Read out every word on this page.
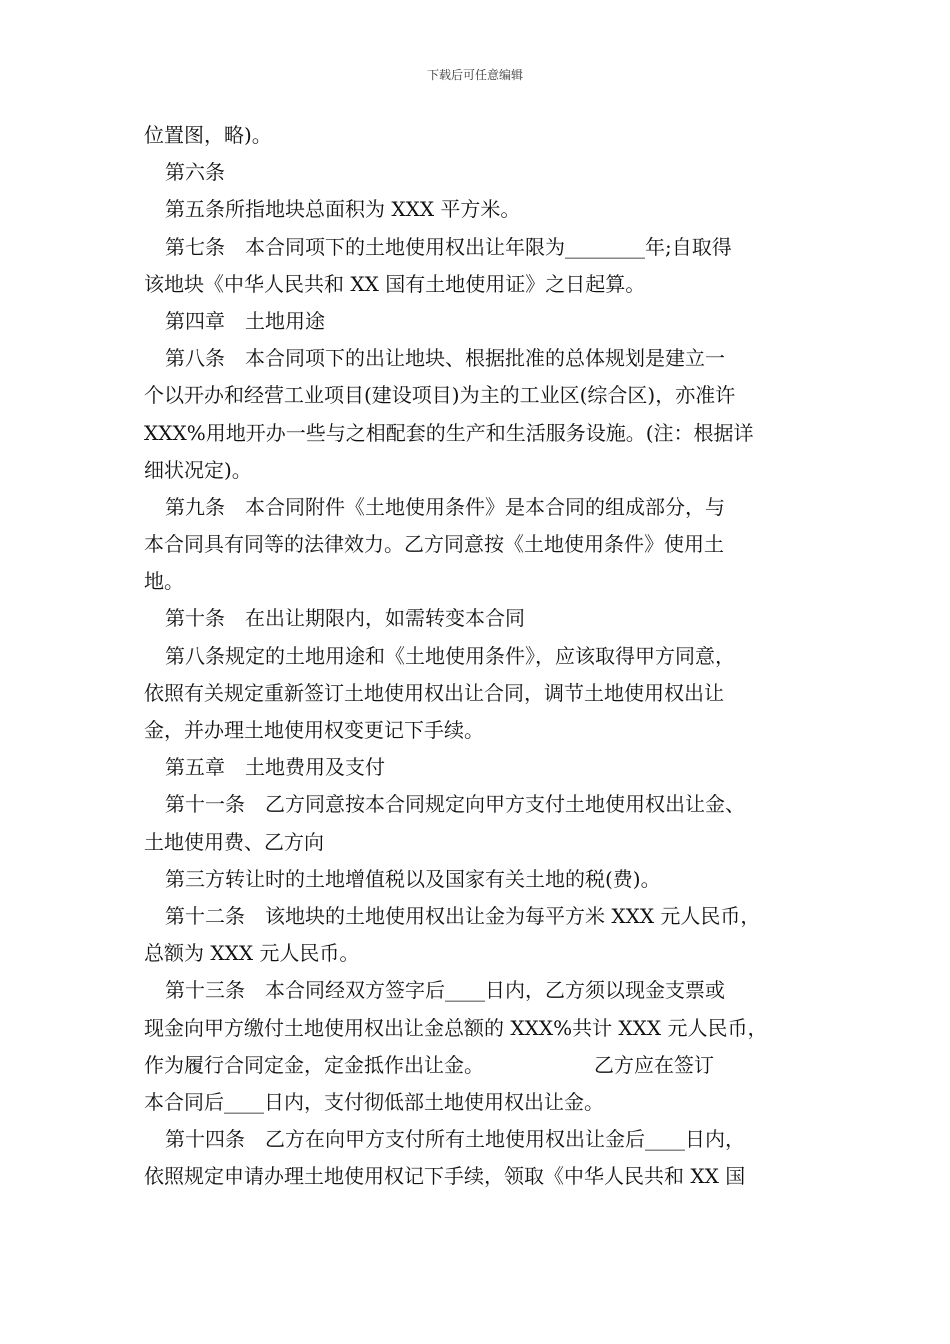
下载后可任意编辑
位置图，略)。
第六条
第五条所指地块总面积为 XXX 平方米。
第七条　本合同项下的土地使用权出让年限为________年;自取得
该地块《中华人民共和 XX 国有土地使用证》之日起算。
第四章　土地用途
第八条　本合同项下的出让地块、根据批准的总体规划是建立一
个以开办和经营工业项目(建设项目)为主的工业区(综合区)，亦准许
XXX%用地开办一些与之相配套的生产和生活服务设施。(注：根据详
细状况定)。
第九条　本合同附件《土地使用条件》是本合同的组成部分，与
本合同具有同等的法律效力。乙方同意按《土地使用条件》使用土
地。
第十条　在出让期限内，如需转变本合同
第八条规定的土地用途和《土地使用条件》，应该取得甲方同意，
依照有关规定重新签订土地使用权出让合同，调节土地使用权出让
金，并办理土地使用权变更记下手续。
第五章　土地费用及支付
第十一条　乙方同意按本合同规定向甲方支付土地使用权出让金、
土地使用费、乙方向
第三方转让时的土地增值税以及国家有关土地的税(费)。
第十二条　该地块的土地使用权出让金为每平方米 XXX 元人民币，
总额为 XXX 元人民币。
第十三条　本合同经双方签字后____日内，乙方须以现金支票或
现金向甲方缴付土地使用权出让金总额的 XXX%共计 XXX 元人民币，
作为履行合同定金，定金抵作出让金。　　　　　　乙方应在签订
本合同后____日内，支付彻低部土地使用权出让金。
第十四条　乙方在向甲方支付所有土地使用权出让金后____日内，
依照规定申请办理土地使用权记下手续，领取《中华人民共和 XX 国
